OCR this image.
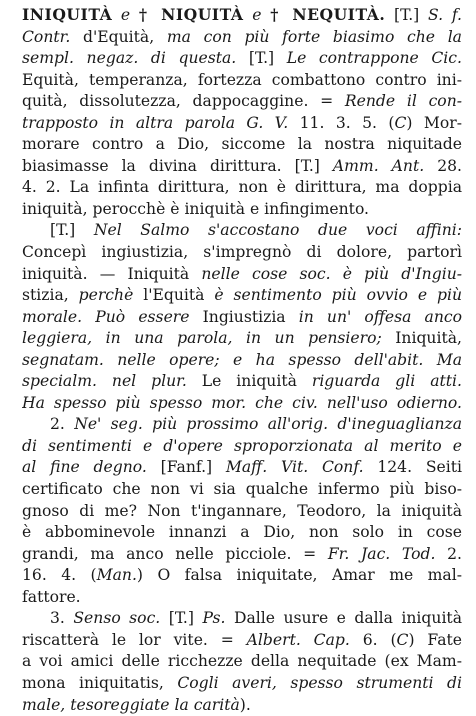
INIQUITÀ e † NIQUITÀ e † NEQUITÀ. [T.] S. f.
Contr. d'Equità, ma con più forte biasimo che la
sempl. negaz. di questa. [T.] Le contrappone Cic.
Equità, temperanza, fortezza combattono contro ini-
quità, dissolutezza, dappocaggine. = Rende il con-
trapposto in altra parola G. V. 11. 3. 5. (C) Mor-
morare contro a Dio, siccome la nostra niquitade
biasimasse la divina dirittura. [T.] Amm. Ant. 28.
4. 2. La infinta dirittura, non è dirittura, ma doppia
iniquità, perocchè è iniquità e infingimento.
[T.] Nel Salmo s'accostano due voci affini:
Concepì ingiustizia, s'impregnò di dolore, partorì
iniquità. — Iniquità nelle cose soc. è più d'Ingiu-
stizia, perchè l'Equità è sentimento più ovvio e più
morale. Può essere Ingiustizia in un' offesa anco
leggiera, in una parola, in un pensiero; Iniquità,
segnatam. nelle opere; e ha spesso dell'abit. Ma
specialm. nel plur. Le iniquità riguarda gli atti.
Ha spesso più spesso mor. che civ. nell'uso odierno.
2. Ne' seg. più prossimo all'orig. d'ineguaglianza
di sentimenti e d'opere sproporzionata al merito e
al fine degno. [Fanf.] Maff. Vit. Conf. 124. Seiti
certificato che non vi sia qualche infermo più biso-
gnoso di me? Non t'ingannare, Teodoro, la iniquità
è abbominevole innanzi a Dio, non solo in cose
grandi, ma anco nelle picciole. = Fr. Jac. Tod. 2.
16. 4. (Man.) O falsa iniquitate, Amar me mal-
fattore.
3. Senso soc. [T.] Ps. Dalle usure e dalla iniquità
riscatterà le lor vite. = Albert. Cap. 6. (C) Fate
a voi amici delle ricchezze della nequitade (ex Mam-
mona iniquitatis, Cogli averi, spesso strumenti di
male, tesoreggiate la carità).
